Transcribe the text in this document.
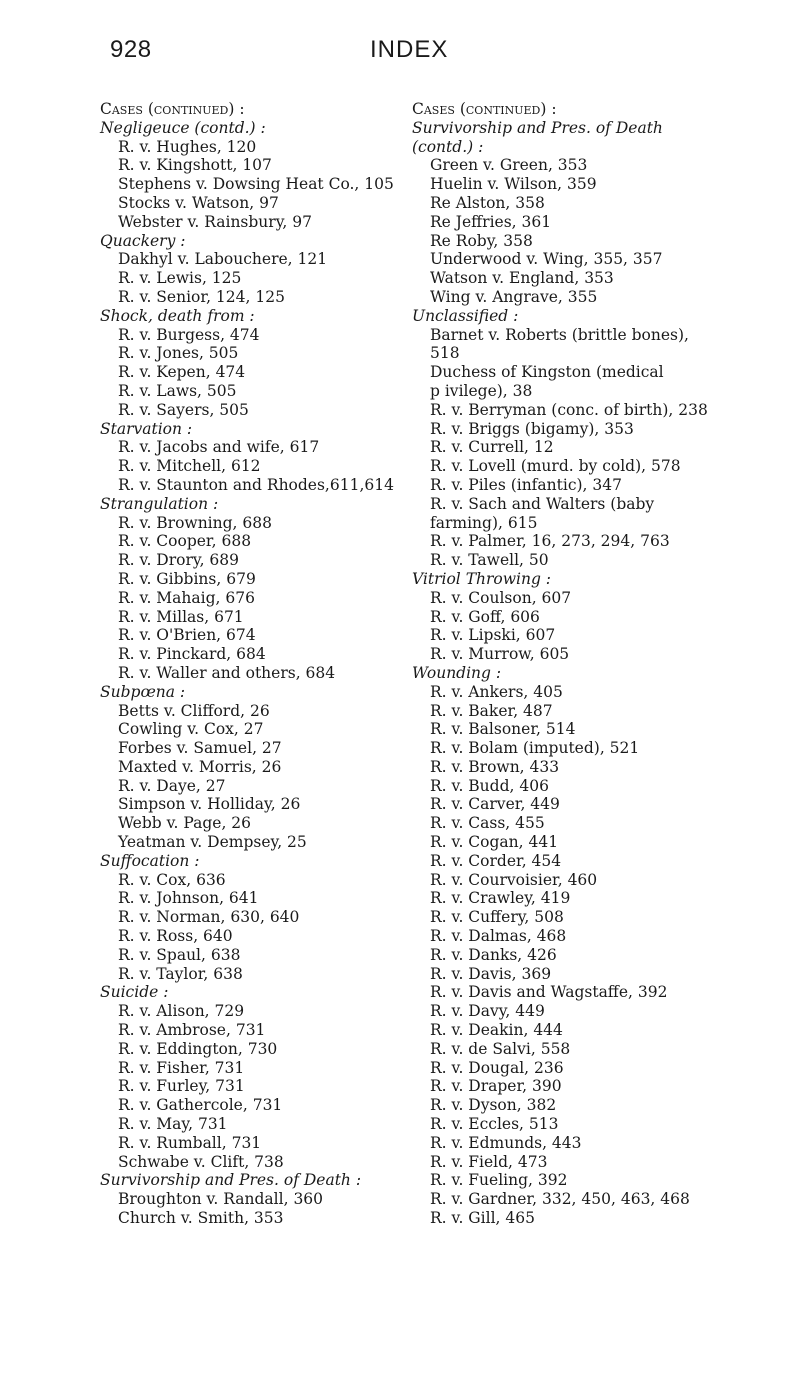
928	INDEX
Cases (continued) :
Negligeuce (contd.) :
R. v. Hughes, 120
R. v. Kingshott, 107
Stephens v. Dowsing Heat Co., 105
Stocks v. Watson, 97
Webster v. Rainsbury, 97
Quackery :
Dakhyl v. Labouchere, 121
R. v. Lewis, 125
R. v. Senior, 124, 125
Shock, death from :
R. v. Burgess, 474
R. v. Jones, 505
R. v. Kepen, 474
R. v. Laws, 505
R. v. Sayers, 505
Starvation :
R. v. Jacobs and wife, 617
R. v. Mitchell, 612
R. v. Staunton and Rhodes,611,614
Strangulation :
R. v. Browning, 688
R. v. Cooper, 688
R. v. Drory, 689
R. v. Gibbins, 679
R. v. Mahaig, 676
R. v. Millas, 671
R. v. O'Brien, 674
R. v. Pinckard, 684
R. v. Waller and others, 684
Subpœna :
Betts v. Clifford, 26
Cowling v. Cox, 27
Forbes v. Samuel, 27
Maxted v. Morris, 26
R. v. Daye, 27
Simpson v. Holliday, 26
Webb v. Page, 26
Yeatman v. Dempsey, 25
Suffocation :
R. v. Cox, 636
R. v. Johnson, 641
R. v. Norman, 630, 640
R. v. Ross, 640
R. v. Spaul, 638
R. v. Taylor, 638
Suicide :
R. v. Alison, 729
R. v. Ambrose, 731
R. v. Eddington, 730
R. v. Fisher, 731
R. v. Furley, 731
R. v. Gathercole, 731
R. v. May, 731
R. v. Rumball, 731
Schwabe v. Clift, 738
Survivorship and Pres. of Death :
Broughton v. Randall, 360
Church v. Smith, 353
Cases (continued) :
Survivorship and Pres. of Death
(contd.) :
Green v. Green, 353
Huelin v. Wilson, 359
Re Alston, 358
Re Jeffries, 361
Re Roby, 358
Underwood v. Wing, 355, 357
Watson v. England, 353
Wing v. Angrave, 355
Unclassified :
Barnet v. Roberts (brittle bones),
518
Duchess of Kingston (medical
p ivilege), 38
R. v. Berryman (conc. of birth), 238
R. v. Briggs (bigamy), 353
R. v. Currell, 12
R. v. Lovell (murd. by cold), 578
R. v. Piles (infantic), 347
R. v. Sach and Walters (baby
farming), 615
R. v. Palmer, 16, 273, 294, 763
R. v. Tawell, 50
Vitriol Throwing :
R. v. Coulson, 607
R. v. Goff, 606
R. v. Lipski, 607
R. v. Murrow, 605
Wounding :
R. v. Ankers, 405
R. v. Baker, 487
R. v. Balsoner, 514
R. v. Bolam (imputed), 521
R. v. Brown, 433
R. v. Budd, 406
R. v. Carver, 449
R. v. Cass, 455
R. v. Cogan, 441
R. v. Corder, 454
R. v. Courvoisier, 460
R. v. Crawley, 419
R. v. Cuffery, 508
R. v. Dalmas, 468
R. v. Danks, 426
R. v. Davis, 369
R. v. Davis and Wagstaffe, 392
R. v. Davy, 449
R. v. Deakin, 444
R. v. de Salvi, 558
R. v. Dougal, 236
R. v. Draper, 390
R. v. Dyson, 382
R. v. Eccles, 513
R. v. Edmunds, 443
R. v. Field, 473
R. v. Fueling, 392
R. v. Gardner, 332, 450, 463, 468
R. v. Gill, 465
